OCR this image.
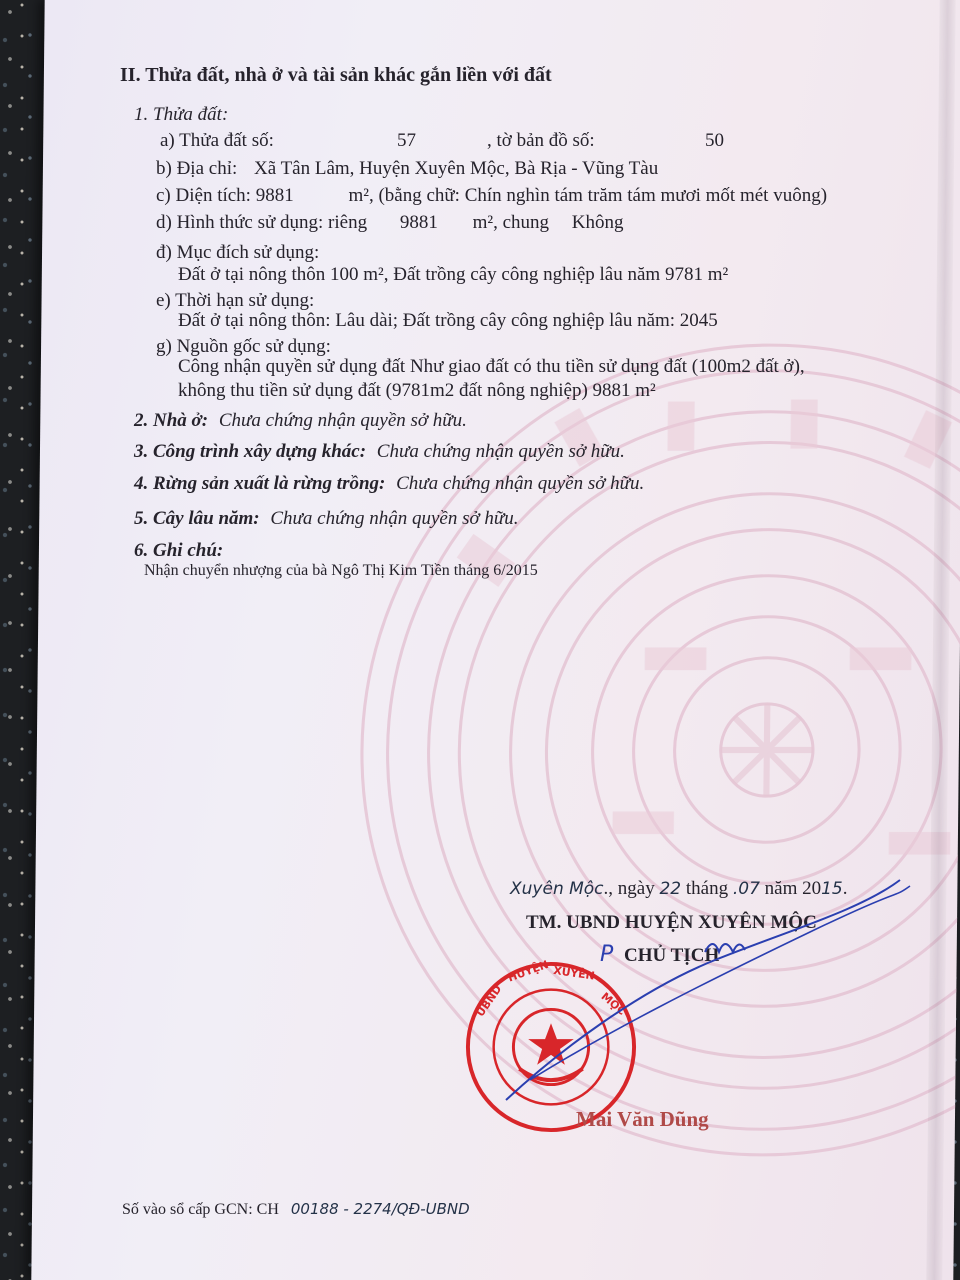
II. Thửa đất, nhà ở và tài sản khác gắn liền với đất
1. Thửa đất:
a) Thửa đất số:	57	, tờ bản đồ số:	50
b) Địa chỉ: Xã Tân Lâm, Huyện Xuyên Mộc, Bà Rịa - Vũng Tàu
c) Diện tích: 9881	m², (bằng chữ: Chín nghìn tám trăm tám mươi mốt mét vuông)
d) Hình thức sử dụng: riêng 9881 m², chung Không
đ) Mục đích sử dụng:
Đất ở tại nông thôn 100 m², Đất trồng cây công nghiệp lâu năm 9781 m²
e) Thời hạn sử dụng:
Đất ở tại nông thôn: Lâu dài; Đất trồng cây công nghiệp lâu năm: 2045
g) Nguồn gốc sử dụng:
Công nhận quyền sử dụng đất Như giao đất có thu tiền sử dụng đất (100m2 đất ở),
không thu tiền sử dụng đất (9781m2 đất nông nghiệp) 9881 m²
2. Nhà ở: Chưa chứng nhận quyền sở hữu.
3. Công trình xây dựng khác: Chưa chứng nhận quyền sở hữu.
4. Rừng sản xuất là rừng trồng: Chưa chứng nhận quyền sở hữu.
5. Cây lâu năm: Chưa chứng nhận quyền sở hữu.
6. Ghi chú:
Nhận chuyển nhượng của bà Ngô Thị Kim Tiền tháng 6/2015
Xuyên Mộc., ngày 22 tháng .07 năm 2015.
TM. UBND HUYỆN XUYÊN MỘC
P CHỦ TỊCH
UBND
HUYỆN XUYÊN
MỘC
Mai Văn Dũng
Số vào sổ cấp GCN: CH 00188 - 2274/QĐ-UBND
